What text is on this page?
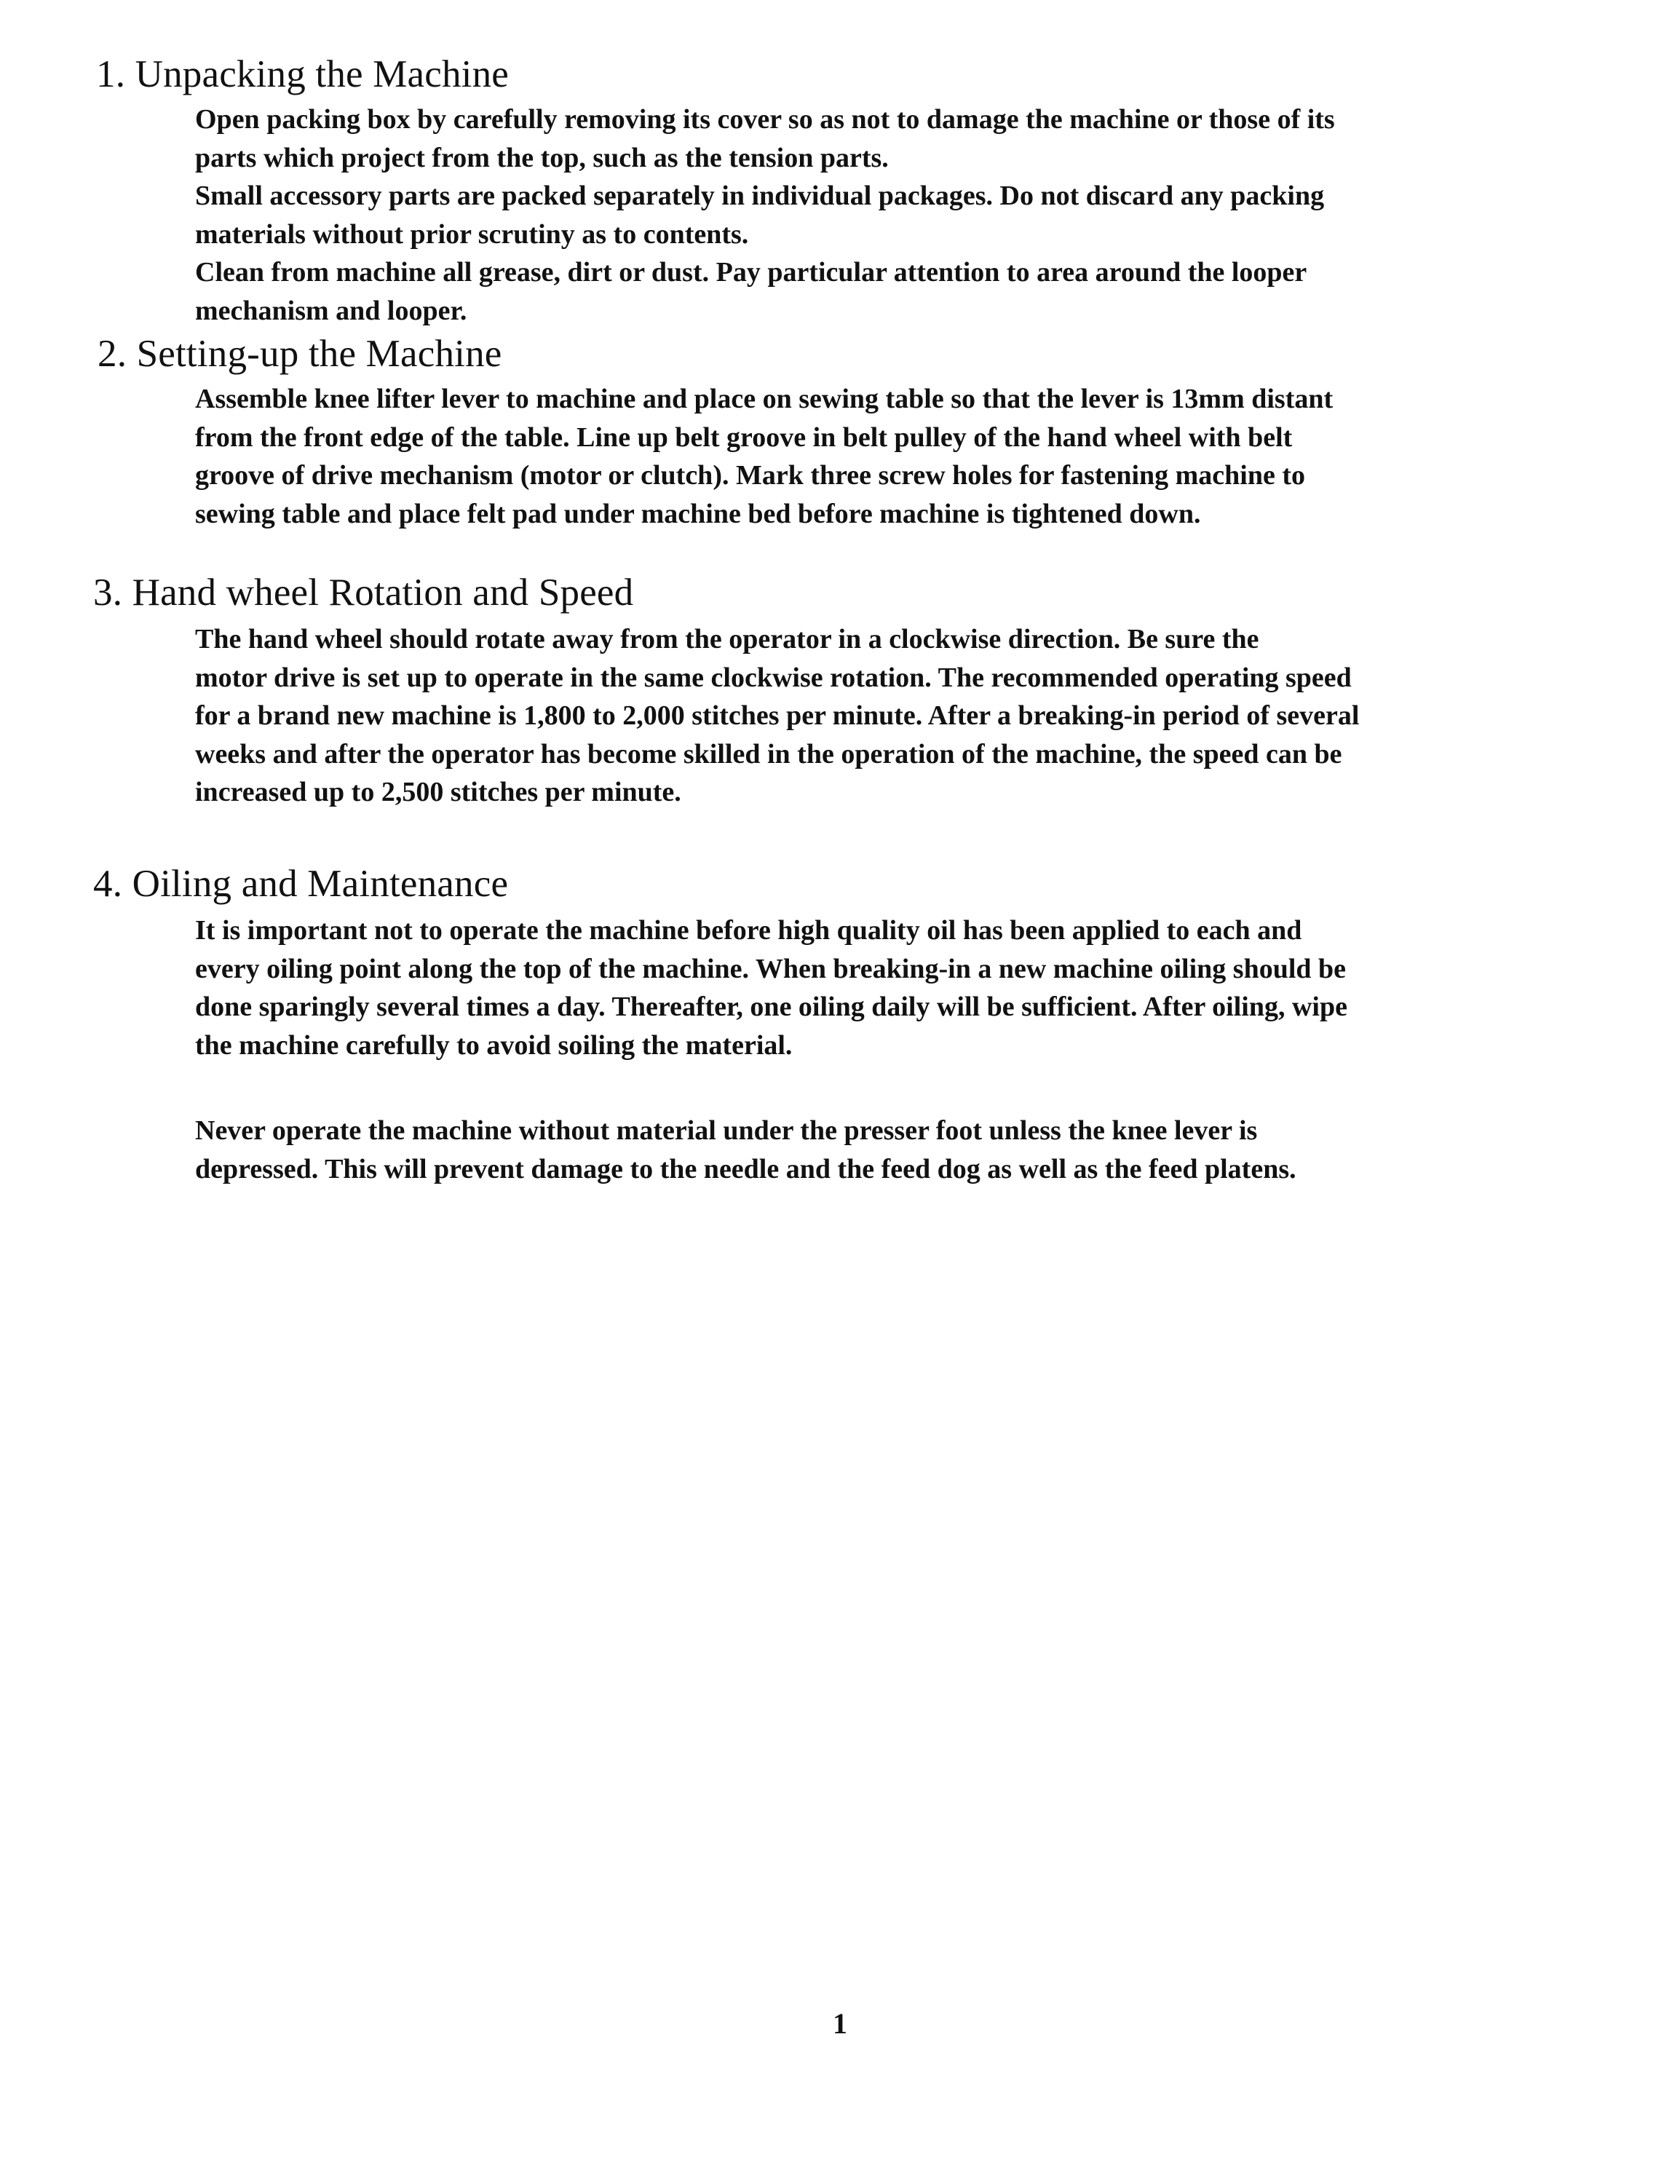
1. Unpacking the Machine

Open packing box by carefully removing its cover so as not to damage the machine or those of its
parts which project from the top, such as the tension parts.

Small accessory parts are packed separately in individual packages. Do not discard any packing
materials without prior scrutiny as to contents.

Clean from machine all grease, dirt or dust. Pay particular attention to area around the looper
mechanism and looper.

2. Setting-up the Machine

Assemble knee lifter lever to machine and place on sewing table so that the lever is 13mm distant
from the front edge of the table. Line up belt groove in belt pulley of the hand wheel with belt
groove of drive mechanism (motor or clutch). Mark three screw holes for fastening machine to
sewing table and place felt pad under machine bed before machine is tightened down.

3. Hand wheel Rotation and Speed

The hand wheel should rotate away from the operator in a clockwise direction. Be sure the
motor drive is set up to operate in the same clockwise rotation. The recommended operating speed
for a brand new machine is 1,800 to 2,000 stitches per minute. After a breaking-in period of several
weeks and after the operator has become skilled in the operation of the machine, the speed can be
increased up to 2,500 stitches per minute.

4. Oiling and Maintenance

It is important not to operate the machine before high quality oil has been applied to each and
every oiling point along the top of the machine. When breaking-in a new machine oiling should be
done sparingly several times a day. Thereafter, one oiling daily will be sufficient. After oiling, wipe
the machine carefully to avoid soiling the material.

Never operate the machine without material under the presser foot unless the knee lever is
depressed. This will prevent damage to the needle and the feed dog as well as the feed platens.

1
